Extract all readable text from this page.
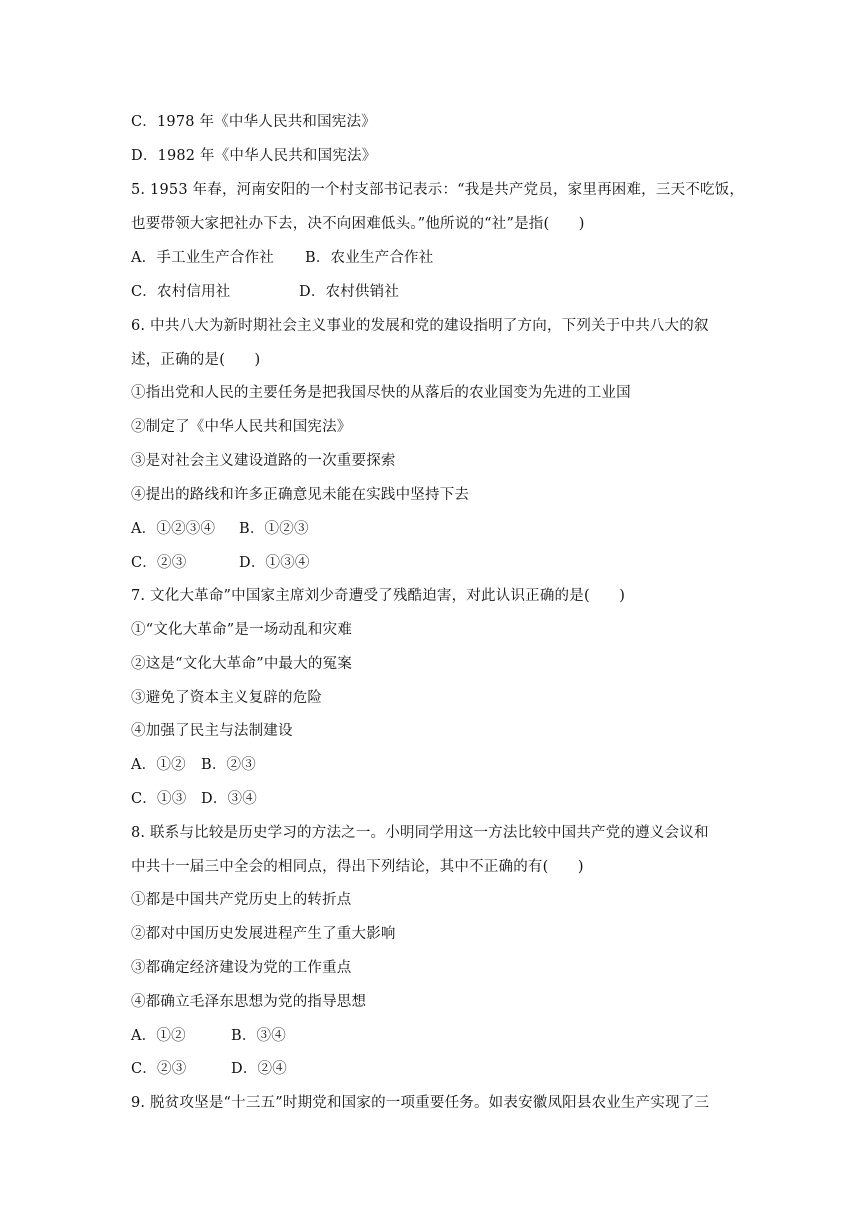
C．1978 年《中华人民共和国宪法》
D．1982 年《中华人民共和国宪法》
5. 1953 年春，河南安阳的一个村支部书记表示：“我是共产党员，家里再困难，三天不吃饭，
也要带领大家把社办下去，决不向困难低头。”他所说的“社”是指(　　)
A．手工业生产合作社 B．农业生产合作社
C．农村信用社	D．农村供销社
6. 中共八大为新时期社会主义事业的发展和党的建设指明了方向，下列关于中共八大的叙
述，正确的是(　　)
①指出党和人民的主要任务是把我国尽快的从落后的农业国变为先进的工业国
②制定了《中华人民共和国宪法》
③是对社会主义建设道路的一次重要探索
④提出的路线和许多正确意见未能在实践中坚持下去
A．①②③④ B．①②③
C．②③	D．①③④
7. 文化大革命”中国家主席刘少奇遭受了残酷迫害，对此认识正确的是(　　)
①“文化大革命”是一场动乱和灾难
②这是“文化大革命”中最大的冤案
③避免了资本主义复辟的危险
④加强了民主与法制建设
A．①② B．②③
C．①③ D．③④
8. 联系与比较是历史学习的方法之一。小明同学用这一方法比较中国共产党的遵义会议和
中共十一届三中全会的相同点，得出下列结论，其中不正确的有(　　)
①都是中国共产党历史上的转折点
②都对中国历史发展进程产生了重大影响
③都确定经济建设为党的工作重点
④都确立毛泽东思想为党的指导思想
A．①②	B．③④
C．②③	D．②④
9. 脱贫攻坚是“十三五”时期党和国家的一项重要任务。如表安徽凤阳县农业生产实现了三
